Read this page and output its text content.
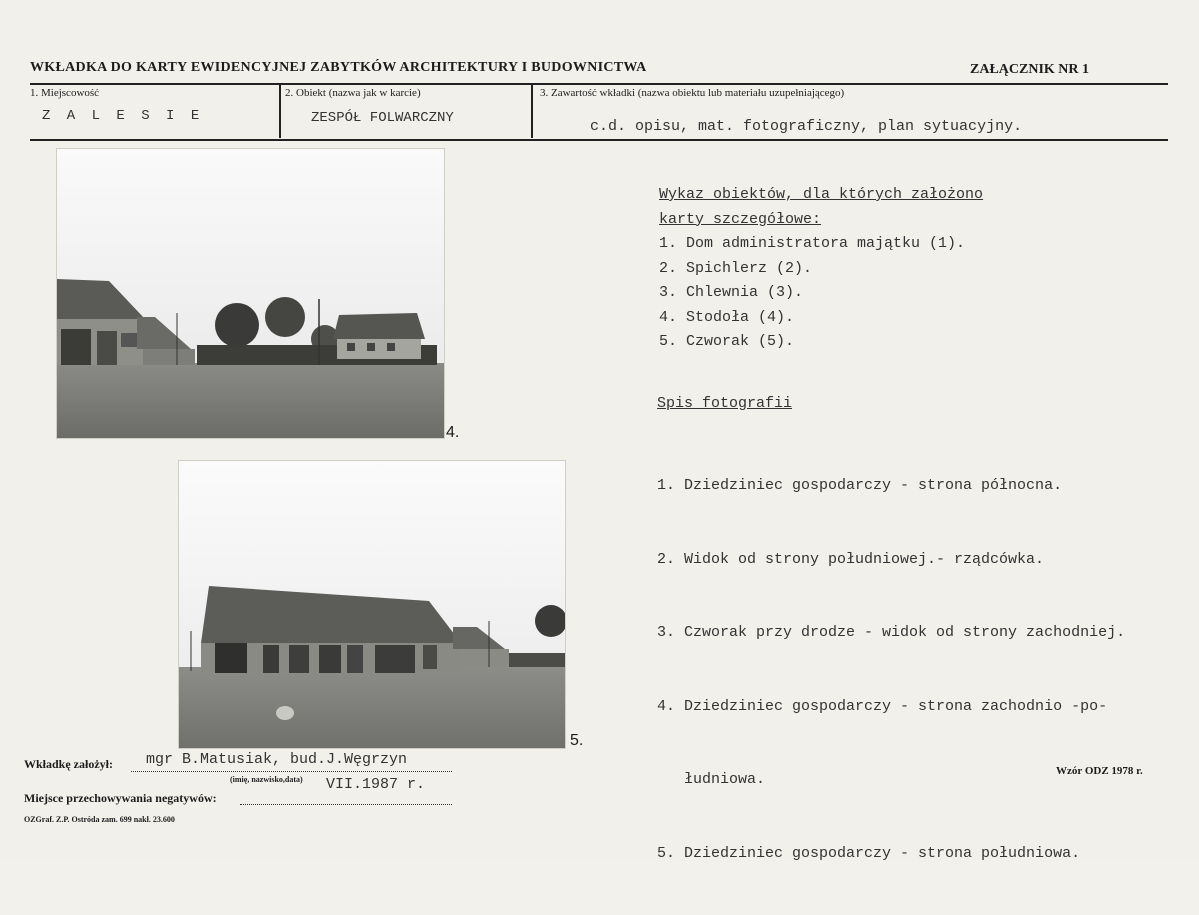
WKŁADKA DO KARTY EWIDENCYJNEJ ZABYTKÓW ARCHITEKTURY I BUDOWNICTWA	ZAŁĄCZNIK NR 1
1. Miejscowość
Z A L E S I E
2. Obiekt (nazwa jak w karcie)
ZESPÓŁ FOLWARCZNY
3. Zawartość wkładki (nazwa obiektu lub materiału uzupełniającego)
c.d. opisu, mat. fotograficzny, plan sytuacyjny.
4.
5.
Wykaz obiektów, dla których założono
karty szczegółowe:
1. Dom administratora majątku (1).
2. Spichlerz (2).
3. Chlewnia (3).
4. Stodoła (4).
5. Czworak (5).
Spis fotografii

1. Dziedziniec gospodarczy - strona północna.

2. Widok od strony południowej.- rządcówka.

3. Czworak przy drodze - widok od strony zachodniej.

4. Dziedziniec gospodarczy - strona zachodnio -po-

łudniowa.

5. Dziedziniec gospodarczy - strona południowa.

Wkładkę założył: mgr B.Matusiak, bud.J.Węgrzyn
(imię, nazwisko,data) VII.1987 r.
Miejsce przechowywania negatywów:
OZGraf. Z.P. Ostróda zam. 699 nakł. 23.600
Wzór ODZ 1978 r.
